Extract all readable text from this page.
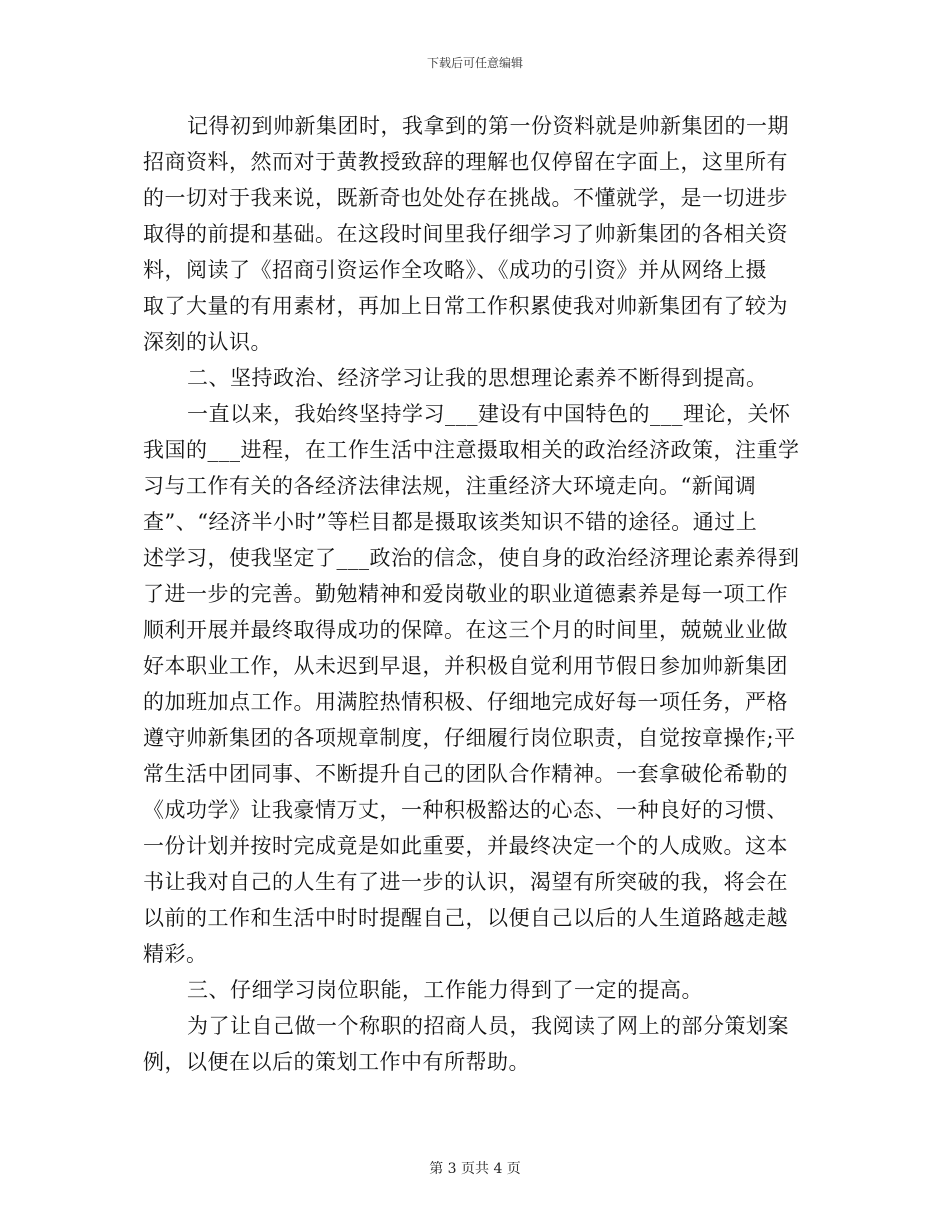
下载后可任意编辑
记得初到帅新集团时，我拿到的第一份资料就是帅新集团的一期
招商资料，然而对于黄教授致辞的理解也仅停留在字面上，这里所有
的一切对于我来说，既新奇也处处存在挑战。不懂就学，是一切进步
取得的前提和基础。在这段时间里我仔细学习了帅新集团的各相关资
料，阅读了《招商引资运作全攻略》、《成功的引资》并从网络上摄
取了大量的有用素材，再加上日常工作积累使我对帅新集团有了较为
深刻的认识。
二、坚持政治、经济学习让我的思想理论素养不断得到提高。
一直以来，我始终坚持学习___建设有中国特色的___理论，关怀
我国的___进程，在工作生活中注意摄取相关的政治经济政策，注重学
习与工作有关的各经济法律法规，注重经济大环境走向。“新闻调
查”、“经济半小时”等栏目都是摄取该类知识不错的途径。通过上
述学习，使我坚定了___政治的信念，使自身的政治经济理论素养得到
了进一步的完善。勤勉精神和爱岗敬业的职业道德素养是每一项工作
顺利开展并最终取得成功的保障。在这三个月的时间里，兢兢业业做
好本职业工作，从未迟到早退，并积极自觉利用节假日参加帅新集团
的加班加点工作。用满腔热情积极、仔细地完成好每一项任务，严格
遵守帅新集团的各项规章制度，仔细履行岗位职责，自觉按章操作;平
常生活中团同事、不断提升自己的团队合作精神。一套拿破伦希勒的
《成功学》让我豪情万丈，一种积极豁达的心态、一种良好的习惯、
一份计划并按时完成竟是如此重要，并最终决定一个的人成败。这本
书让我对自己的人生有了进一步的认识，渴望有所突破的我，将会在
以前的工作和生活中时时提醒自己，以便自己以后的人生道路越走越
精彩。
三、仔细学习岗位职能，工作能力得到了一定的提高。
为了让自己做一个称职的招商人员，我阅读了网上的部分策划案
例，以便在以后的策划工作中有所帮助。
第 3 页共 4 页
